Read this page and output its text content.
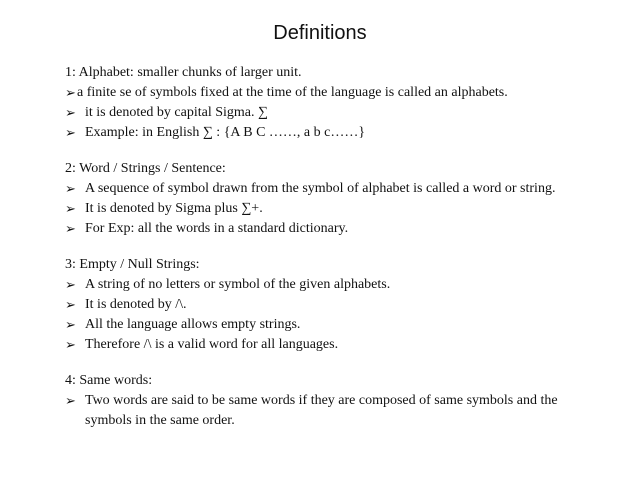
Definitions
1: Alphabet: smaller chunks of larger unit.
➢ a finite se of symbols fixed at the time of the language is called an alphabets.
➢ it is denoted by capital Sigma. ∑
➢ Example: in English ∑ : {A B C ……, a b c……}
2: Word / Strings / Sentence:
➢ A sequence of symbol drawn from the symbol of alphabet is called a word or string.
➢ It is denoted by Sigma plus ∑+.
➢ For Exp: all the words in a standard dictionary.
3: Empty / Null Strings:
➢ A string of no letters or symbol of the given alphabets.
➢ It is denoted by /\.
➢ All the language allows empty strings.
➢ Therefore /\ is a valid word for all languages.
4: Same words:
➢ Two words are said to be same words if they are composed of same symbols and the symbols in the same order.
